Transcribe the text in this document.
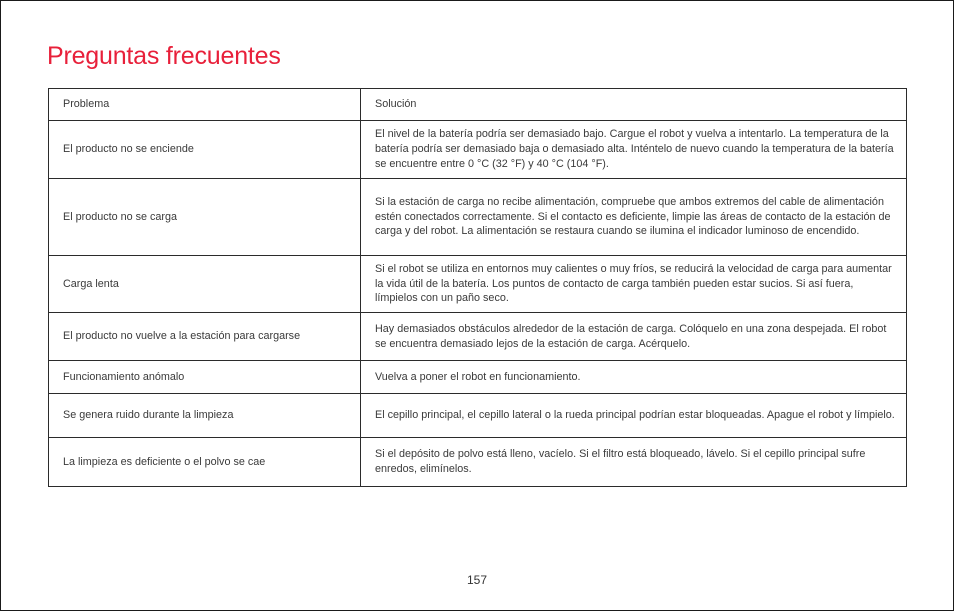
Preguntas frecuentes
Problema	Solución
El producto no se enciende	El nivel de la batería podría ser demasiado bajo. Cargue el robot y vuelva a intentarlo. La temperatura de la batería podría ser demasiado baja o demasiado alta. Inténtelo de nuevo cuando la temperatura de la batería se encuentre entre 0 °C (32 °F) y 40 °C (104 °F).
El producto no se carga	Si la estación de carga no recibe alimentación, compruebe que ambos extremos del cable de alimentación estén conectados correctamente. Si el contacto es deficiente, limpie las áreas de contacto de la estación de carga y del robot. La alimentación se restaura cuando se ilumina el indicador luminoso de encendido.
Carga lenta	Si el robot se utiliza en entornos muy calientes o muy fríos, se reducirá la velocidad de carga para aumentar la vida útil de la batería. Los puntos de contacto de carga también pueden estar sucios. Si así fuera, límpielos con un paño seco.
El producto no vuelve a la estación para cargarse	Hay demasiados obstáculos alrededor de la estación de carga. Colóquelo en una zona despejada. El robot se encuentra demasiado lejos de la estación de carga. Acérquelo.
Funcionamiento anómalo	Vuelva a poner el robot en funcionamiento.
Se genera ruido durante la limpieza	El cepillo principal, el cepillo lateral o la rueda principal podrían estar bloqueadas. Apague el robot y límpielo.
La limpieza es deficiente o el polvo se cae	Si el depósito de polvo está lleno, vacíelo. Si el filtro está bloqueado, lávelo. Si el cepillo principal sufre enredos, elimínelos.
157
